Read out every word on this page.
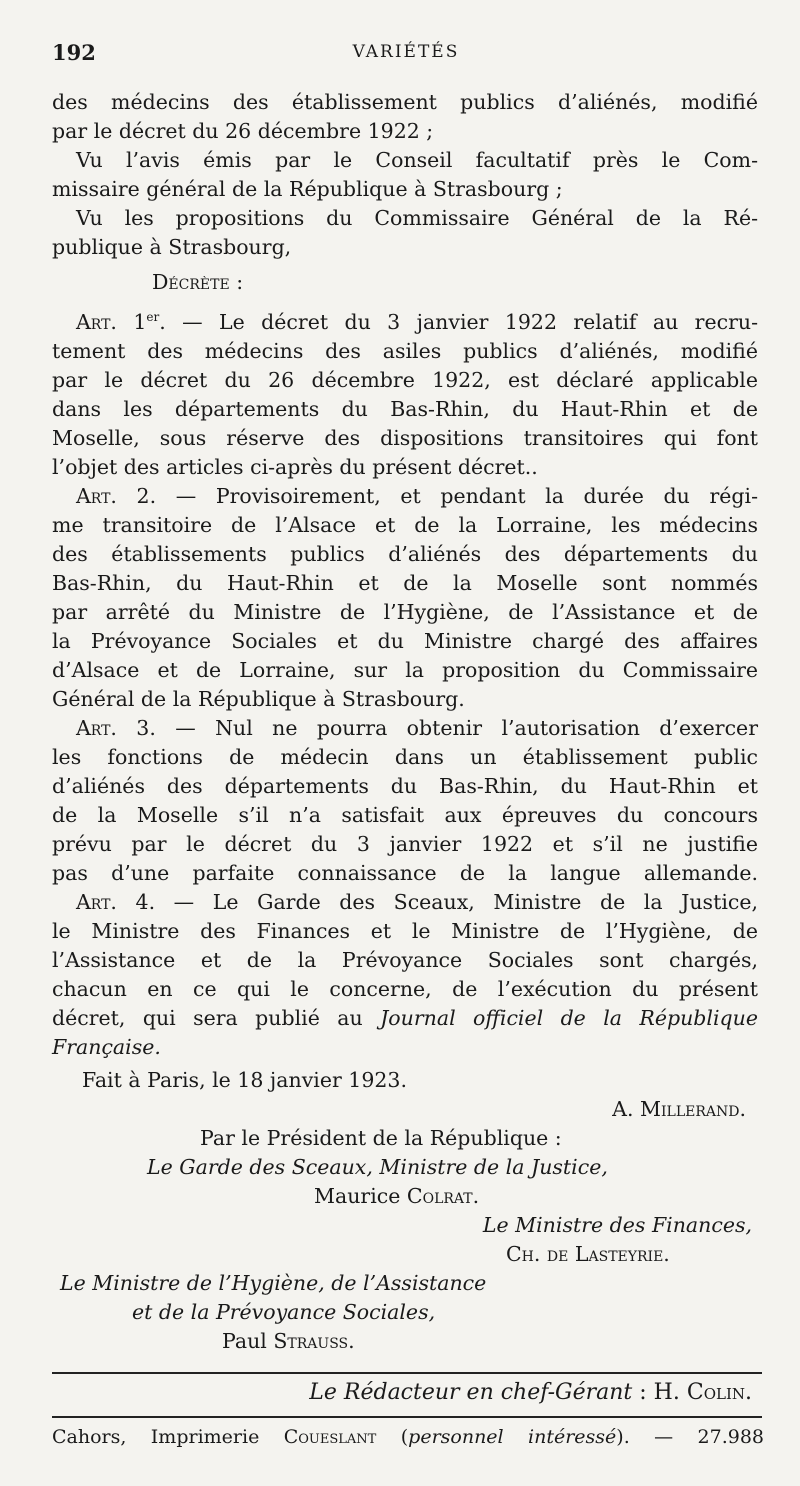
192	VARIÉTÉS
des médecins des établissement publics d’aliénés, modifié
par le décret du 26 décembre 1922 ;
Vu l’avis émis par le Conseil facultatif près le Com-
missaire général de la République à Strasbourg ;
Vu les propositions du Commissaire Général de la Ré-
publique à Strasbourg,
Décrète :
Art. 1er. — Le décret du 3 janvier 1922 relatif au recru-
tement des médecins des asiles publics d’aliénés, modifié
par le décret du 26 décembre 1922, est déclaré applicable
dans les départements du Bas-Rhin, du Haut-Rhin et de
Moselle, sous réserve des dispositions transitoires qui font
l’objet des articles ci-après du présent décret..
Art. 2. — Provisoirement, et pendant la durée du régi-
me transitoire de l’Alsace et de la Lorraine, les médecins
des établissements publics d’aliénés des départements du
Bas-Rhin, du Haut-Rhin et de la Moselle sont nommés
par arrêté du Ministre de l’Hygiène, de l’Assistance et de
la Prévoyance Sociales et du Ministre chargé des affaires
d’Alsace et de Lorraine, sur la proposition du Commissaire
Général de la République à Strasbourg.
Art. 3. — Nul ne pourra obtenir l’autorisation d’exercer
les fonctions de médecin dans un établissement public
d’aliénés des départements du Bas-Rhin, du Haut-Rhin et
de la Moselle s’il n’a satisfait aux épreuves du concours
prévu par le décret du 3 janvier 1922 et s’il ne justifie
pas d’une parfaite connaissance de la langue allemande.
Art. 4. — Le Garde des Sceaux, Ministre de la Justice,
le Ministre des Finances et le Ministre de l’Hygiène, de
l’Assistance et de la Prévoyance Sociales sont chargés,
chacun en ce qui le concerne, de l’exécution du présent
décret, qui sera publié au Journal officiel de la République
Française.
Fait à Paris, le 18 janvier 1923.
A. Millerand.
Par le Président de la République :
Le Garde des Sceaux, Ministre de la Justice,
Maurice Colrat.
Le Ministre des Finances,
Ch. de Lasteyrie.
Le Ministre de l’Hygiène, de l’Assistance
et de la Prévoyance Sociales,
Paul Strauss.
Le Rédacteur en chef-Gérant : H. Colin.
Cahors, Imprimerie Coueslant (personnel intéressé). — 27.988
